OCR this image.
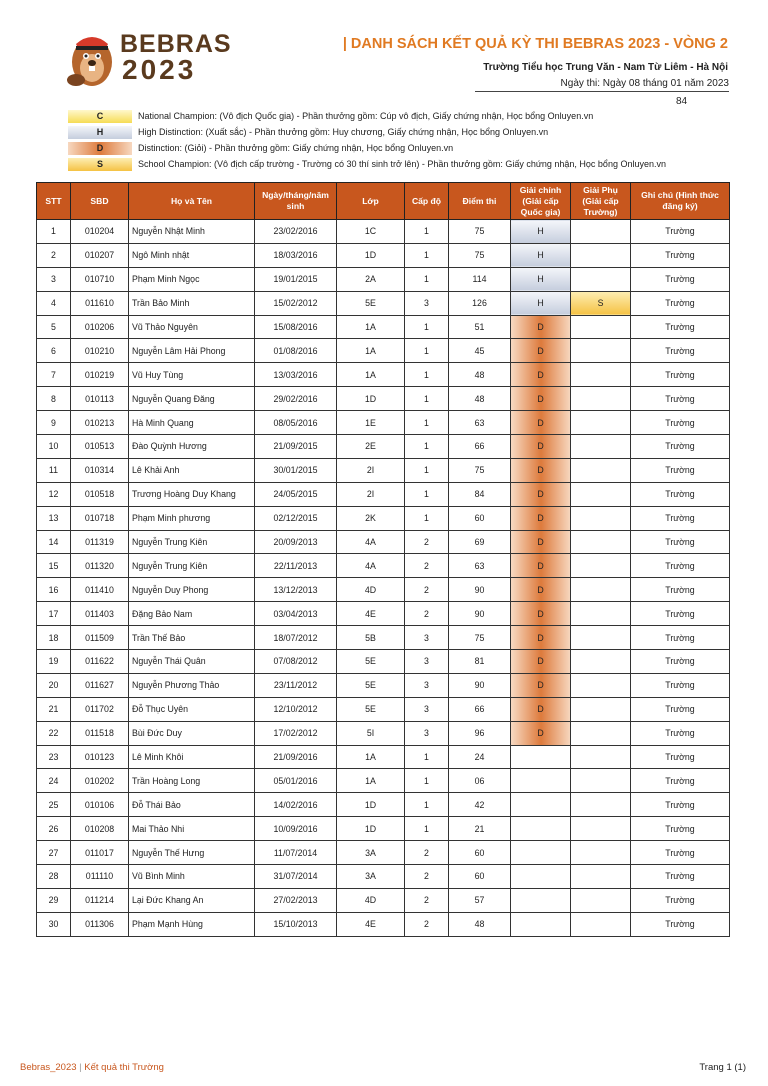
BEBRAS
2023
| DANH SÁCH KẾT QUẢ KỲ THI BEBRAS 2023 - VÒNG 2
Trường Tiểu học Trung Văn - Nam Từ Liêm - Hà Nội
Ngày thi: Ngày 08 tháng 01 năm 2023
84
C	National Champion: (Vô địch Quốc gia) - Phần thưởng gồm: Cúp vô địch, Giấy chứng nhận, Học bổng Onluyen.vn
H	High Distinction: (Xuất sắc) - Phần thưởng gồm: Huy chương, Giấy chứng nhận, Học bổng Onluyen.vn
D	Distinction: (Giỏi) - Phần thưởng gồm: Giấy chứng nhận, Học bổng Onluyen.vn
S	School Champion: (Vô địch cấp trường - Trường có 30 thí sinh trở lên) - Phần thưởng gồm: Giấy chứng nhận, Học bổng Onluyen.vn
STT	SBD	Họ và Tên	Ngày/tháng/năm sinh	Lớp	Cấp độ	Điểm thi	Giải chính (Giải cấp Quốc gia)	Giải Phụ (Giải cấp Trường)	Ghi chú (Hình thức đăng ký)
1	010204	Nguyễn Nhật Minh	23/02/2016	1C	1	75	H		Trường
2	010207	Ngô Minh nhật	18/03/2016	1D	1	75	H		Trường
3	010710	Phạm Minh Ngọc	19/01/2015	2A	1	114	H		Trường
4	011610	Trần Bảo Minh	15/02/2012	5E	3	126	H	S	Trường
5	010206	Vũ Thảo Nguyên	15/08/2016	1A	1	51	D		Trường
6	010210	Nguyễn Lâm Hải Phong	01/08/2016	1A	1	45	D		Trường
7	010219	Vũ Huy Tùng	13/03/2016	1A	1	48	D		Trường
8	010113	Nguyễn Quang Đăng	29/02/2016	1D	1	48	D		Trường
9	010213	Hà Minh Quang	08/05/2016	1E	1	63	D		Trường
10	010513	Đào Quỳnh Hương	21/09/2015	2E	1	66	D		Trường
11	010314	Lê Khải Anh	30/01/2015	2I	1	75	D		Trường
12	010518	Trương Hoàng Duy Khang	24/05/2015	2I	1	84	D		Trường
13	010718	Phạm Minh phương	02/12/2015	2K	1	60	D		Trường
14	011319	Nguyễn Trung Kiên	20/09/2013	4A	2	69	D		Trường
15	011320	Nguyễn Trung Kiên	22/11/2013	4A	2	63	D		Trường
16	011410	Nguyễn Duy Phong	13/12/2013	4D	2	90	D		Trường
17	011403	Đặng Bảo Nam	03/04/2013	4E	2	90	D		Trường
18	011509	Trần Thế Bảo	18/07/2012	5B	3	75	D		Trường
19	011622	Nguyễn Thái Quân	07/08/2012	5E	3	81	D		Trường
20	011627	Nguyễn Phương Thảo	23/11/2012	5E	3	90	D		Trường
21	011702	Đỗ Thục Uyên	12/10/2012	5E	3	66	D		Trường
22	011518	Bùi Đức Duy	17/02/2012	5I	3	96	D		Trường
23	010123	Lê Minh Khôi	21/09/2016	1A	1	24			Trường
24	010202	Trần Hoàng Long	05/01/2016	1A	1	06			Trường
25	010106	Đỗ Thái Bảo	14/02/2016	1D	1	42			Trường
26	010208	Mai Thảo Nhi	10/09/2016	1D	1	21			Trường
27	011017	Nguyễn Thế Hưng	11/07/2014	3A	2	60			Trường
28	011110	Vũ Bình Minh	31/07/2014	3A	2	60			Trường
29	011214	Lại Đức Khang An	27/02/2013	4D	2	57			Trường
30	011306	Phạm Mạnh Hùng	15/10/2013	4E	2	48			Trường
Bebras_2023 | Kết quả thi Trường	Trang 1 (1)
